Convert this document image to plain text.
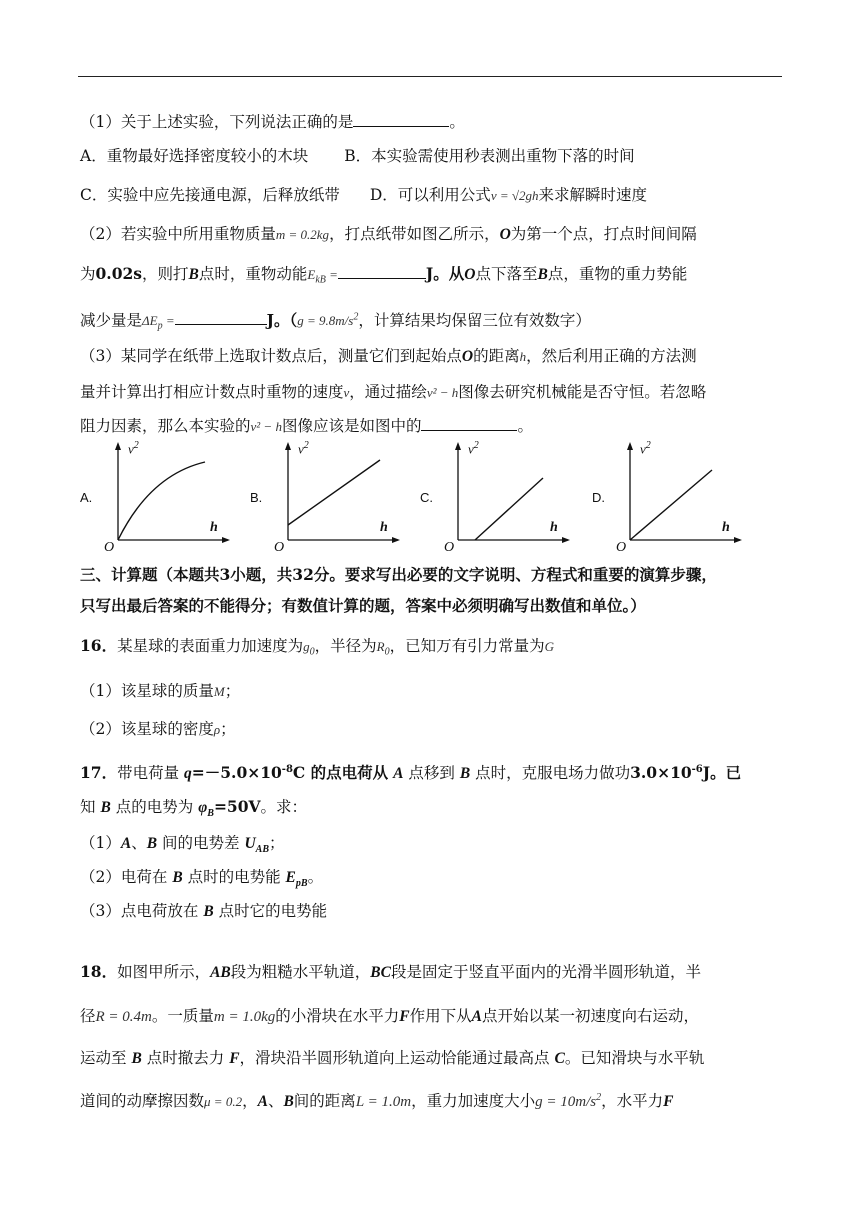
（1）关于上述实验，下列说法正确的是	。
A．重物最好选择密度较小的木块 B．本实验需使用秒表测出重物下落的时间
C．实验中应先接通电源，后释放纸带 D．可以利用公式v = √2gh来求解瞬时速度
（2）若实验中所用重物质量m = 0.2kg，打点纸带如图乙所示，O为第一个点，打点时间间隔
为0.02s，则打B点时，重物动能$E_{kB}$ =	J。从O点下落至B点，重物的重力势能
减少量是$\Delta E_p$ =	J。（$g = 9.8m/s^2$，计算结果均保留三位有效数字）
（3）某同学在纸带上选取计数点后，测量它们到起始点O的距离h，然后利用正确的方法测
量并计算出打相应计数点时重物的速度v，通过描绘v² − h图像去研究机械能是否守恒。若忽略
阻力因素，那么本实验的v² − h图像应该是如图中的	。
A.
$v^2$
h
O
B.
$v^2$
h
O
C.
$v^2$
h
O
D.
$v^2$
h
O
三、计算题（本题共3小题，共32分。要求写出必要的文字说明、方程式和重要的演算步骤，
只写出最后答案的不能得分；有数值计算的题，答案中必须明确写出数值和单位。）
16．某星球的表面重力加速度为$g_0$，半径为$R_0$，已知万有引力常量为G
（1）该星球的质量M；
（2）该星球的密度ρ；
17．带电荷量 $q=-5.0\times 10^{-8}C$ 的点电荷从 A 点移到 B 点时，克服电场力做功$3.0\times 10^{-6}J$。已
知 B 点的电势为 $\varphi_B=50V$。求：
（1）A、B 间的电势差 $U_{AB}$；
（2）电荷在 B 点时的电势能 $E_{pB}$。
（3）点电荷放在 B 点时它的电势能
18．如图甲所示，AB段为粗糙水平轨道，BC段是固定于竖直平面内的光滑半圆形轨道，半
径R = 0.4m。一质量m = 1.0kg的小滑块在水平力F作用下从A点开始以某一初速度向右运动，
运动至 B 点时撤去力 F，滑块沿半圆形轨道向上运动恰能通过最高点 C。已知滑块与水平轨
道间的动摩擦因数μ = 0.2，A、B间的距离L = 1.0m，重力加速度大小$g = 10m/s^2$，水平力F
